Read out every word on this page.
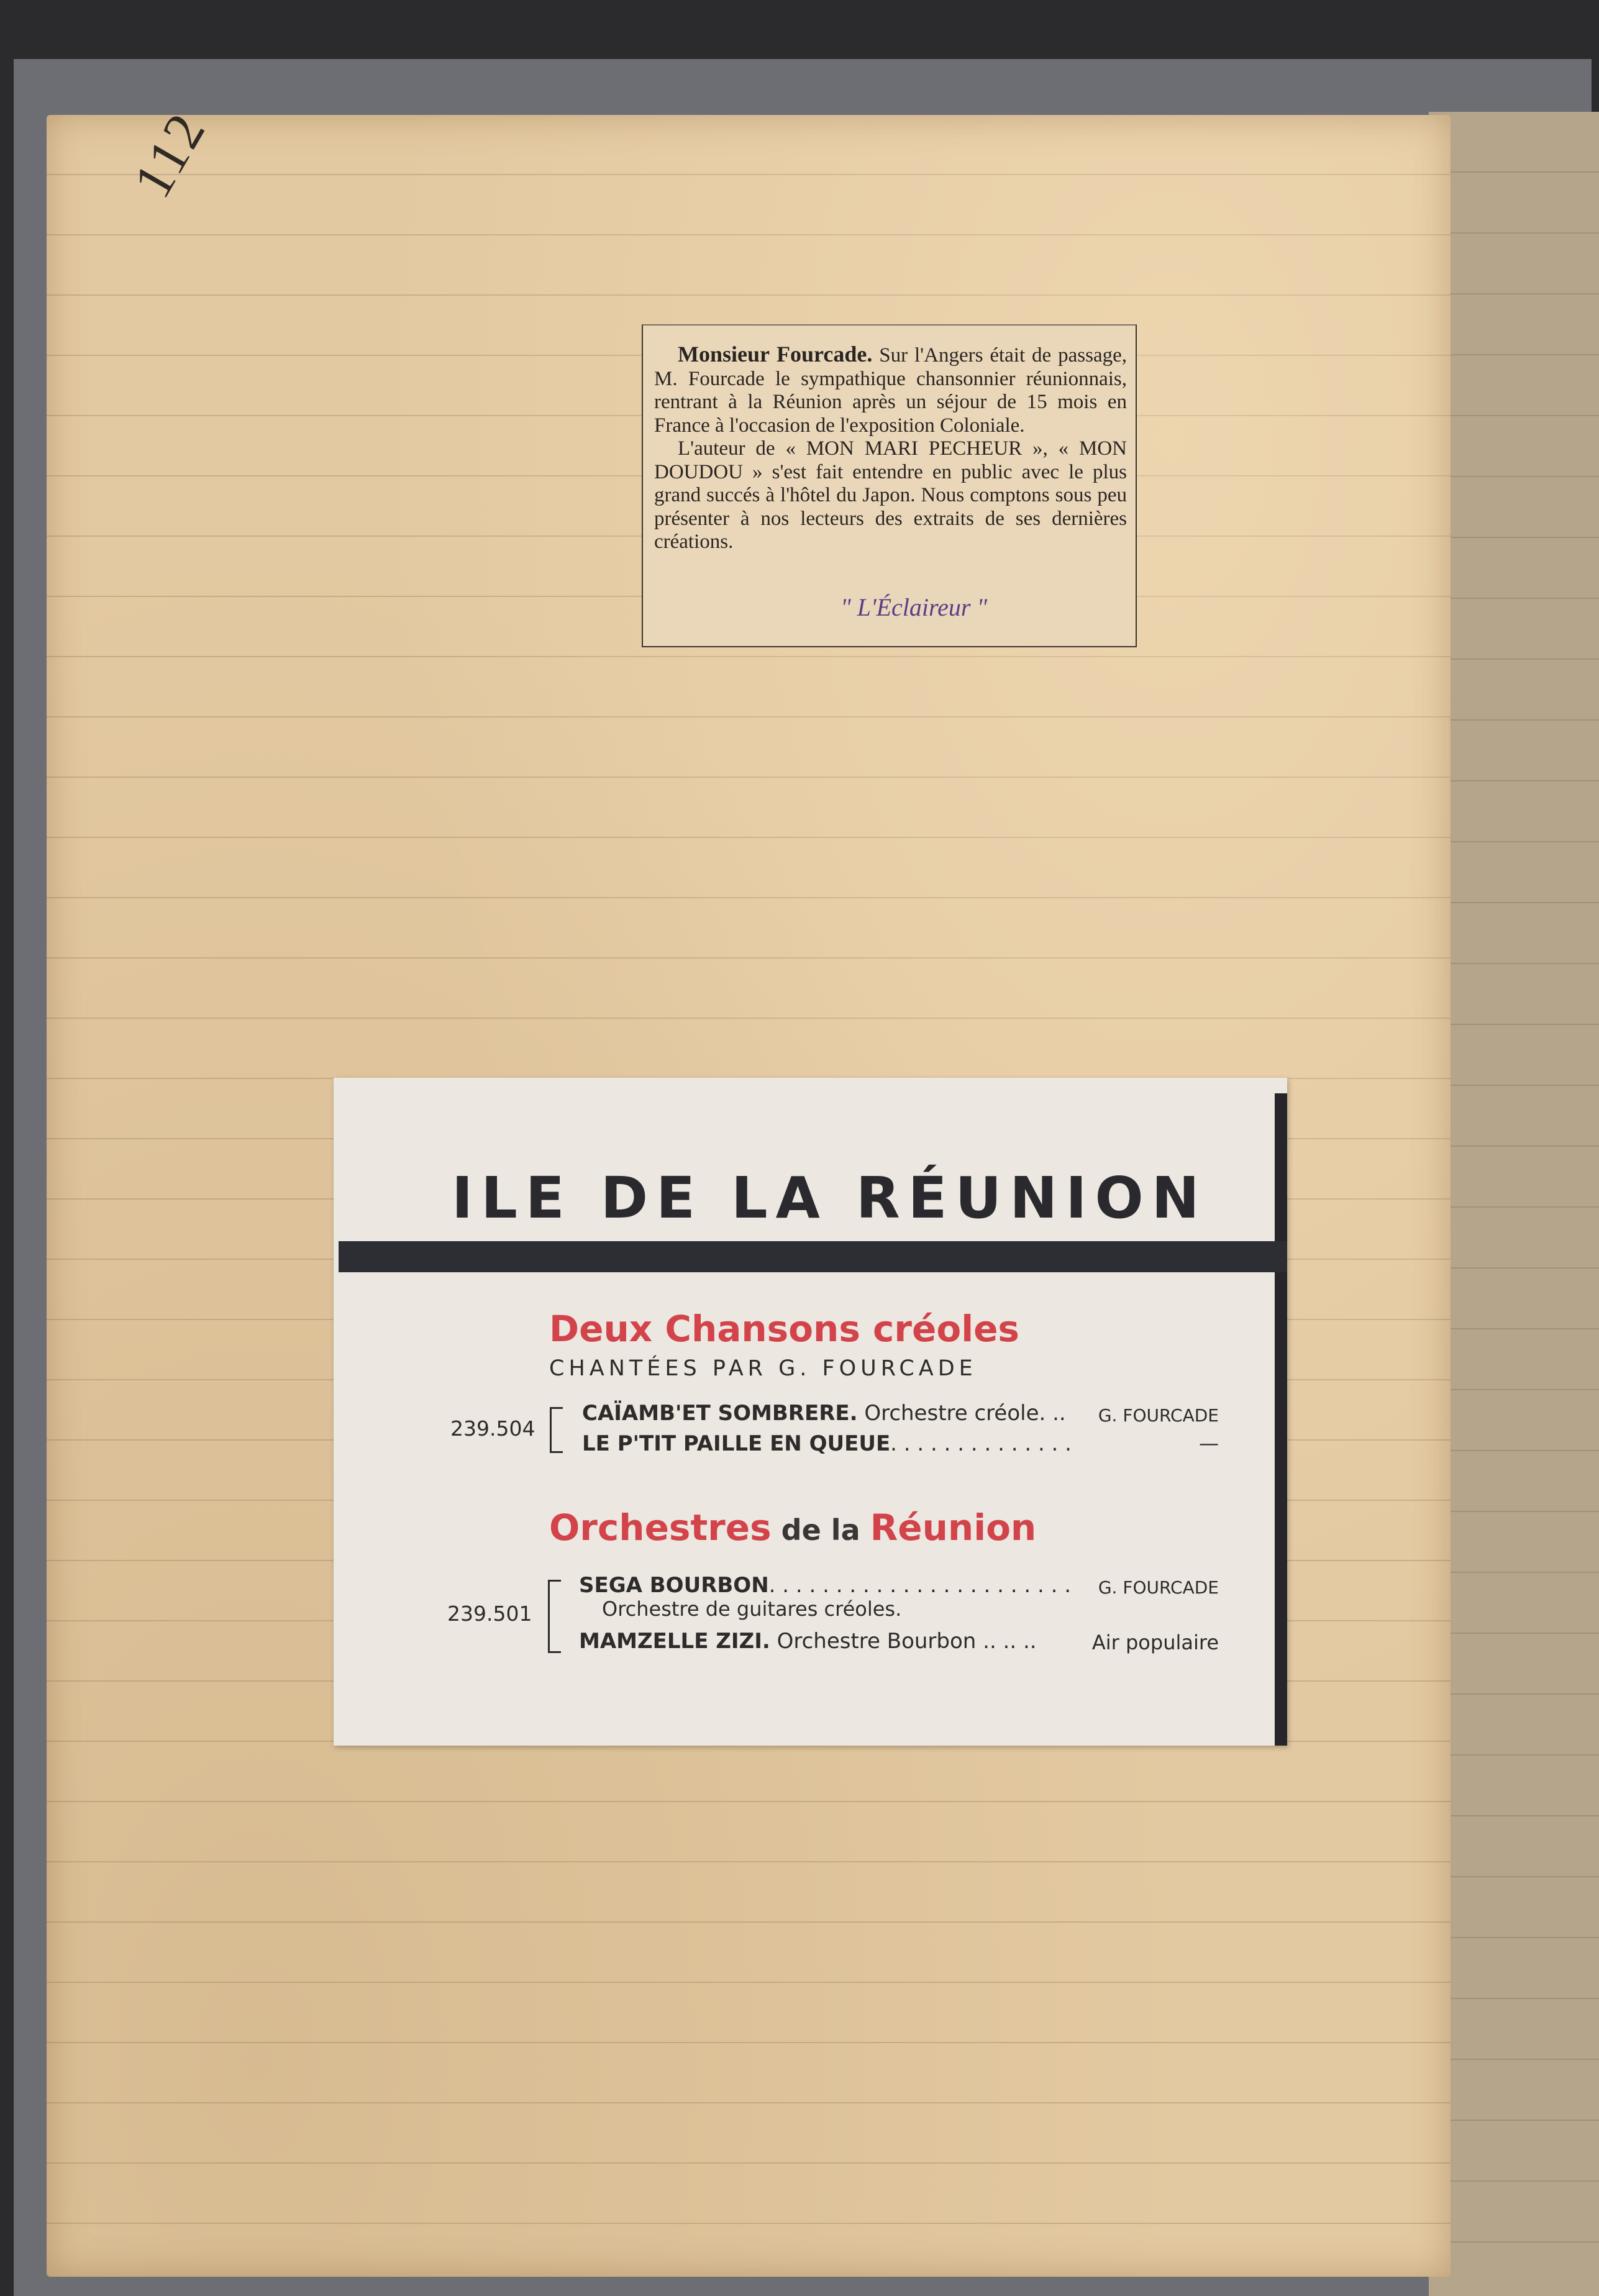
112

Monsieur Fourcade. Sur l'Angers était de passage, M. Fourcade le sympathique chansonnier réunionnais, rentrant à la Réunion après un séjour de 15 mois en France à l'occasion de l'exposition Coloniale.

L'auteur de « MON MARI PECHEUR », « MON DOUDOU » s'est fait entendre en public avec le plus grand succés à l'hôtel du Japon. Nous comptons sous peu présenter à nos lecteurs des extraits de ses dernières créations.

" L'Éclaireur "
ILE DE LA RÉUNION
Deux Chansons créoles
CHANTÉES PAR G. FOURCADE
239.504
CAÏAMB'ET SOMBRERE. Orchestre créole. .. G. FOURCADE
LE P'TIT PAILLE EN QUEUE. . . . . . . . . . . . . .	—
Orchestres de la Réunion
239.501
SEGA BOURBON. . . . . . . . . . . . . . . . . . . . . . . G. FOURCADE
Orchestre de guitares créoles.
MAMZELLE ZIZI. Orchestre Bourbon .. .. ..	Air populaire
